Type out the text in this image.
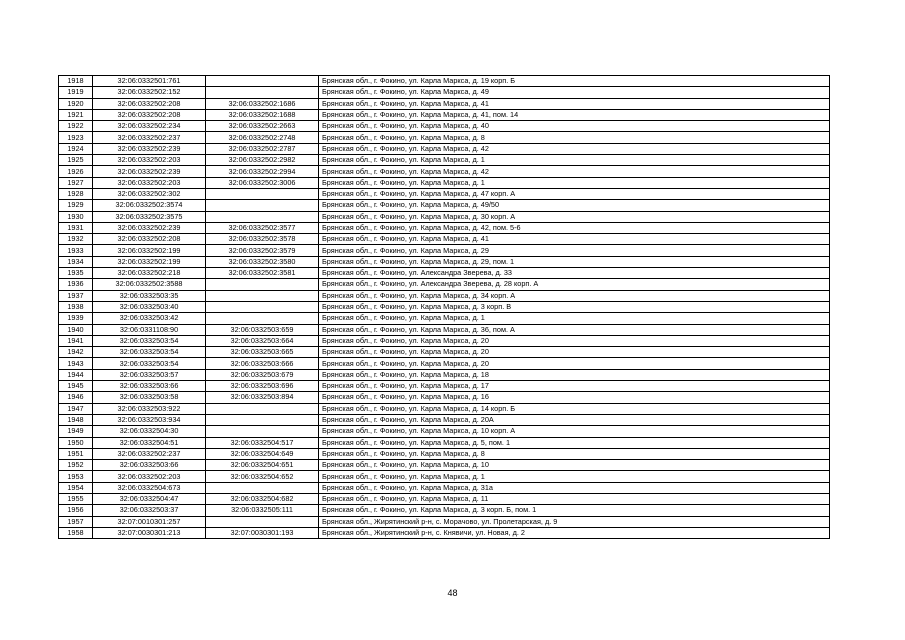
1918	32:06:0332501:761		Брянская обл., г. Фокино, ул. Карла Маркса, д. 19 корп. Б
1919	32:06:0332502:152		Брянская обл., г. Фокино, ул. Карла Маркса, д. 49
1920	32:06:0332502:208	32:06:0332502:1686	Брянская обл., г. Фокино, ул. Карла Маркса, д. 41
1921	32:06:0332502:208	32:06:0332502:1688	Брянская обл., г. Фокино, ул. Карла Маркса, д. 41, пом. 14
1922	32:06:0332502:234	32:06:0332502:2663	Брянская обл., г. Фокино, ул. Карла Маркса, д. 40
1923	32:06:0332502:237	32:06:0332502:2748	Брянская обл., г. Фокино, ул. Карла Маркса, д. 8
1924	32:06:0332502:239	32:06:0332502:2787	Брянская обл., г. Фокино, ул. Карла Маркса, д. 42
1925	32:06:0332502:203	32:06:0332502:2982	Брянская обл., г. Фокино, ул. Карла Маркса, д. 1
1926	32:06:0332502:239	32:06:0332502:2994	Брянская обл., г. Фокино, ул. Карла Маркса, д. 42
1927	32:06:0332502:203	32:06:0332502:3006	Брянская обл., г. Фокино, ул. Карла Маркса, д. 1
1928	32:06:0332502:302		Брянская обл., г. Фокино, ул. Карла Маркса, д. 47 корп. А
1929	32:06:0332502:3574		Брянская обл., г. Фокино, ул. Карла Маркса, д. 49/50
1930	32:06:0332502:3575		Брянская обл., г. Фокино, ул. Карла Маркса, д. 30 корп. А
1931	32:06:0332502:239	32:06:0332502:3577	Брянская обл., г. Фокино, ул. Карла Маркса, д. 42, пом. 5-6
1932	32:06:0332502:208	32:06:0332502:3578	Брянская обл., г. Фокино, ул. Карла Маркса, д. 41
1933	32:06:0332502:199	32:06:0332502:3579	Брянская обл., г. Фокино, ул. Карла Маркса, д. 29
1934	32:06:0332502:199	32:06:0332502:3580	Брянская обл., г. Фокино, ул. Карла Маркса, д. 29, пом. 1
1935	32:06:0332502:218	32:06:0332502:3581	Брянская обл., г. Фокино, ул. Александра Зверева, д. 33
1936	32:06:0332502:3588		Брянская обл., г. Фокино, ул. Александра Зверева, д. 28 корп. А
1937	32:06:0332503:35		Брянская обл., г. Фокино, ул. Карла Маркса, д. 34 корп. А
1938	32:06:0332503:40		Брянская обл., г. Фокино, ул. Карла Маркса, д. 3 корп. В
1939	32:06:0332503:42		Брянская обл., г. Фокино, ул. Карла Маркса, д. 1
1940	32:06:0331108:90	32:06:0332503:659	Брянская обл., г. Фокино, ул. Карла Маркса, д. 36, пом. А
1941	32:06:0332503:54	32:06:0332503:664	Брянская обл., г. Фокино, ул. Карла Маркса, д. 20
1942	32:06:0332503:54	32:06:0332503:665	Брянская обл., г. Фокино, ул. Карла Маркса, д. 20
1943	32:06:0332503:54	32:06:0332503:666	Брянская обл., г. Фокино, ул. Карла Маркса, д. 20
1944	32:06:0332503:57	32:06:0332503:679	Брянская обл., г. Фокино, ул. Карла Маркса, д. 18
1945	32:06:0332503:66	32:06:0332503:696	Брянская обл., г. Фокино, ул. Карла Маркса, д. 17
1946	32:06:0332503:58	32:06:0332503:894	Брянская обл., г. Фокино, ул. Карла Маркса, д. 16
1947	32:06:0332503:922		Брянская обл., г. Фокино, ул. Карла Маркса, д. 14 корп. Б
1948	32:06:0332503:934		Брянская обл., г. Фокино, ул. Карла Маркса, д. 20А
1949	32:06:0332504:30		Брянская обл., г. Фокино, ул. Карла Маркса, д. 10 корп. А
1950	32:06:0332504:51	32:06:0332504:517	Брянская обл., г. Фокино, ул. Карла Маркса, д. 5, пом. 1
1951	32:06:0332502:237	32:06:0332504:649	Брянская обл., г. Фокино, ул. Карла Маркса, д. 8
1952	32:06:0332503:66	32:06:0332504:651	Брянская обл., г. Фокино, ул. Карла Маркса, д. 10
1953	32:06:0332502:203	32:06:0332504:652	Брянская обл., г. Фокино, ул. Карла Маркса, д. 1
1954	32:06:0332504:673		Брянская обл., г. Фокино, ул. Карла Маркса, д. 31а
1955	32:06:0332504:47	32:06:0332504:682	Брянская обл., г. Фокино, ул. Карла Маркса, д. 11
1956	32:06:0332503:37	32:06:0332505:111	Брянская обл., г. Фокино, ул. Карла Маркса, д. 3 корп. Б, пом. 1
1957	32:07:0010301:257		Брянская обл., Жирятинский р-н, с. Морачово, ул. Пролетарская, д. 9
1958	32:07:0030301:213	32:07:0030301:193	Брянская обл., Жирятинский р-н, с. Княвичи, ул. Новая, д. 2
48
